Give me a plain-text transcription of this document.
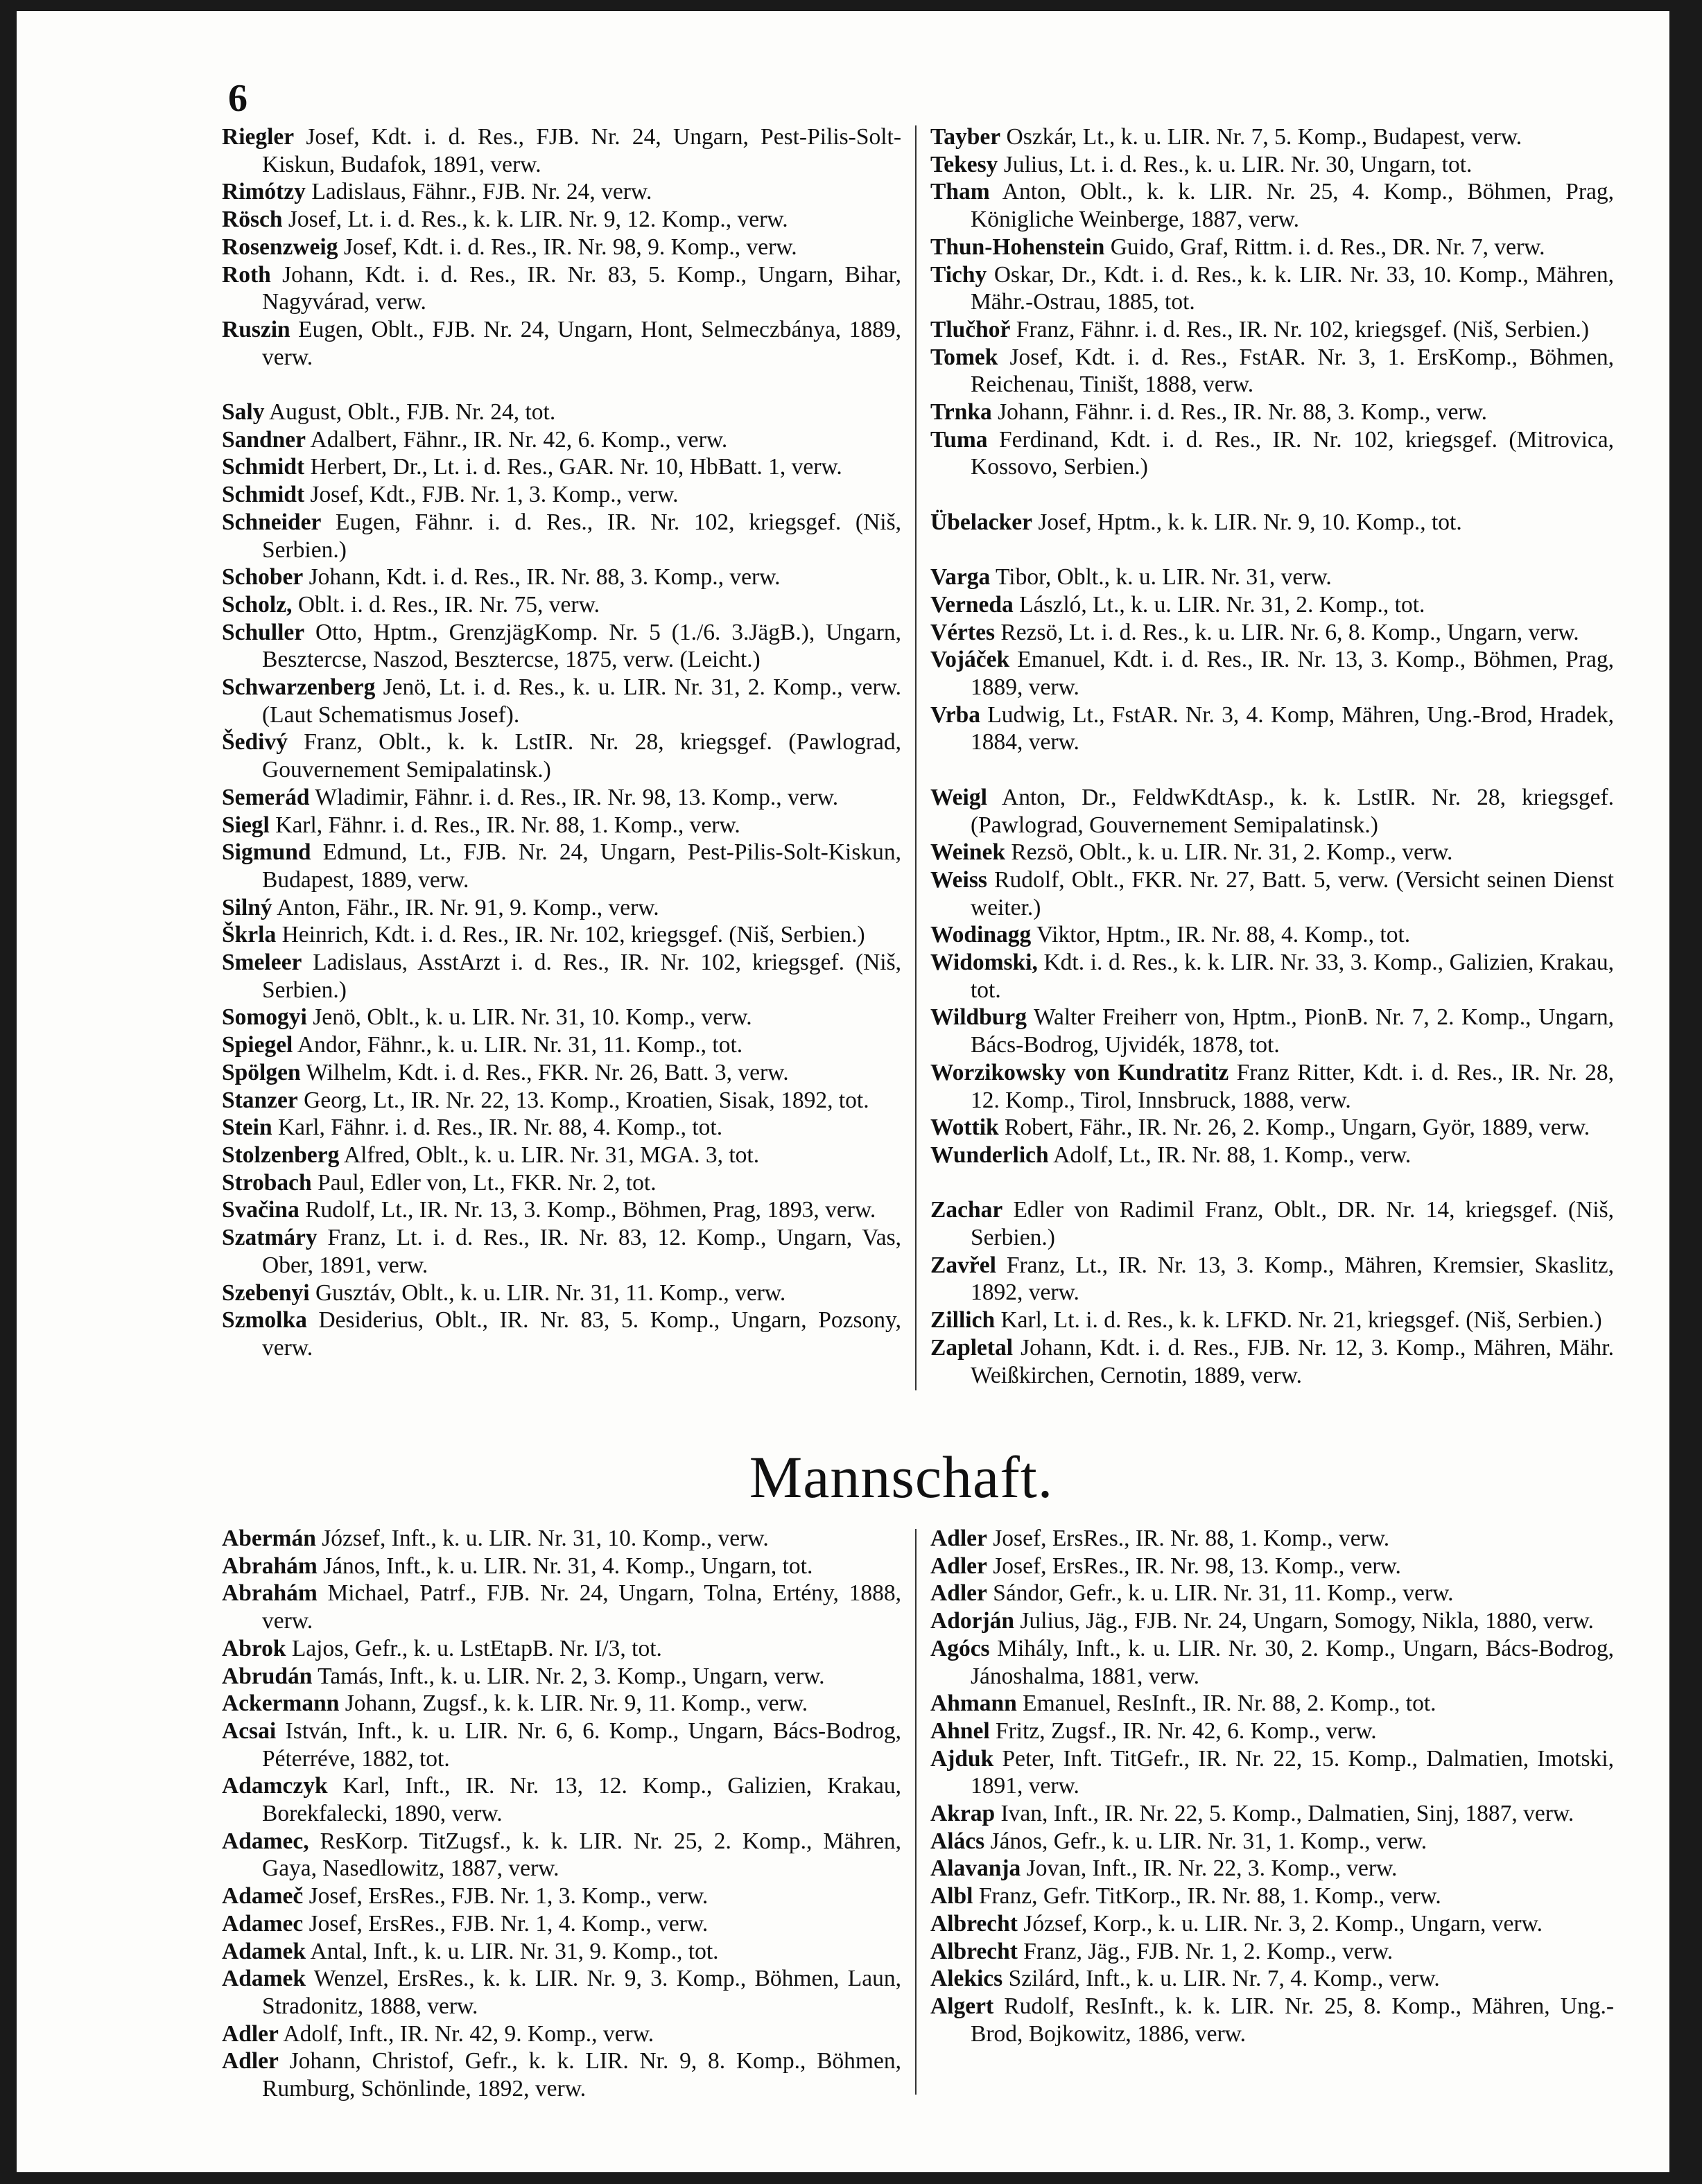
6
Riegler Josef, Kdt. i. d. Res., FJB. Nr. 24, Ungarn, Pest-Pilis-Solt-Kiskun, Budafok, 1891, verw.
Rimótzy Ladislaus, Fähnr., FJB. Nr. 24, verw.
Rösch Josef, Lt. i. d. Res., k. k. LIR. Nr. 9, 12. Komp., verw.
Rosenzweig Josef, Kdt. i. d. Res., IR. Nr. 98, 9. Komp., verw.
Roth Johann, Kdt. i. d. Res., IR. Nr. 83, 5. Komp., Ungarn, Bihar, Nagyvárad, verw.
Ruszin Eugen, Oblt., FJB. Nr. 24, Ungarn, Hont, Selmeczbánya, 1889, verw.
Saly August, Oblt., FJB. Nr. 24, tot.
Sandner Adalbert, Fähnr., IR. Nr. 42, 6. Komp., verw.
Schmidt Herbert, Dr., Lt. i. d. Res., GAR. Nr. 10, HbBatt. 1, verw.
Schmidt Josef, Kdt., FJB. Nr. 1, 3. Komp., verw.
Schneider Eugen, Fähnr. i. d. Res., IR. Nr. 102, kriegsgef. (Niš, Serbien.)
Schober Johann, Kdt. i. d. Res., IR. Nr. 88, 3. Komp., verw.
Scholz, Oblt. i. d. Res., IR. Nr. 75, verw.
Schuller Otto, Hptm., GrenzjägKomp. Nr. 5 (1./6. 3.JägB.), Ungarn, Besztercse, Naszod, Besztercse, 1875, verw. (Leicht.)
Schwarzenberg Jenö, Lt. i. d. Res., k. u. LIR. Nr. 31, 2. Komp., verw. (Laut Schematismus Josef).
Šedivý Franz, Oblt., k. k. LstIR. Nr. 28, kriegsgef. (Pawlograd, Gouvernement Semipalatinsk.)
Semerád Wladimir, Fähnr. i. d. Res., IR. Nr. 98, 13. Komp., verw.
Siegl Karl, Fähnr. i. d. Res., IR. Nr. 88, 1. Komp., verw.
Sigmund Edmund, Lt., FJB. Nr. 24, Ungarn, Pest-Pilis-Solt-Kiskun, Budapest, 1889, verw.
Silný Anton, Fähr., IR. Nr. 91, 9. Komp., verw.
Škrla Heinrich, Kdt. i. d. Res., IR. Nr. 102, kriegsgef. (Niš, Serbien.)
Smeleer Ladislaus, AsstArzt i. d. Res., IR. Nr. 102, kriegsgef. (Niš, Serbien.)
Somogyi Jenö, Oblt., k. u. LIR. Nr. 31, 10. Komp., verw.
Spiegel Andor, Fähnr., k. u. LIR. Nr. 31, 11. Komp., tot.
Spölgen Wilhelm, Kdt. i. d. Res., FKR. Nr. 26, Batt. 3, verw.
Stanzer Georg, Lt., IR. Nr. 22, 13. Komp., Kroatien, Sisak, 1892, tot.
Stein Karl, Fähnr. i. d. Res., IR. Nr. 88, 4. Komp., tot.
Stolzenberg Alfred, Oblt., k. u. LIR. Nr. 31, MGA. 3, tot.
Strobach Paul, Edler von, Lt., FKR. Nr. 2, tot.
Svačina Rudolf, Lt., IR. Nr. 13, 3. Komp., Böhmen, Prag, 1893, verw.
Szatmáry Franz, Lt. i. d. Res., IR. Nr. 83, 12. Komp., Ungarn, Vas, Ober, 1891, verw.
Szebenyi Gusztáv, Oblt., k. u. LIR. Nr. 31, 11. Komp., verw.
Szmolka Desiderius, Oblt., IR. Nr. 83, 5. Komp., Ungarn, Pozsony, verw.
Tayber Oszkár, Lt., k. u. LIR. Nr. 7, 5. Komp., Budapest, verw.
Tekesy Julius, Lt. i. d. Res., k. u. LIR. Nr. 30, Ungarn, tot.
Tham Anton, Oblt., k. k. LIR. Nr. 25, 4. Komp., Böhmen, Prag, Königliche Weinberge, 1887, verw.
Thun-Hohenstein Guido, Graf, Rittm. i. d. Res., DR. Nr. 7, verw.
Tichy Oskar, Dr., Kdt. i. d. Res., k. k. LIR. Nr. 33, 10. Komp., Mähren, Mähr.-Ostrau, 1885, tot.
Tlučhoř Franz, Fähnr. i. d. Res., IR. Nr. 102, kriegsgef. (Niš, Serbien.)
Tomek Josef, Kdt. i. d. Res., FstAR. Nr. 3, 1. ErsKomp., Böhmen, Reichenau, Tiništ, 1888, verw.
Trnka Johann, Fähnr. i. d. Res., IR. Nr. 88, 3. Komp., verw.
Tuma Ferdinand, Kdt. i. d. Res., IR. Nr. 102, kriegsgef. (Mitrovica, Kossovo, Serbien.)
Übelacker Josef, Hptm., k. k. LIR. Nr. 9, 10. Komp., tot.
Varga Tibor, Oblt., k. u. LIR. Nr. 31, verw.
Verneda László, Lt., k. u. LIR. Nr. 31, 2. Komp., tot.
Vértes Rezsö, Lt. i. d. Res., k. u. LIR. Nr. 6, 8. Komp., Ungarn, verw.
Vojáček Emanuel, Kdt. i. d. Res., IR. Nr. 13, 3. Komp., Böhmen, Prag, 1889, verw.
Vrba Ludwig, Lt., FstAR. Nr. 3, 4. Komp, Mähren, Ung.-Brod, Hradek, 1884, verw.
Weigl Anton, Dr., FeldwKdtAsp., k. k. LstIR. Nr. 28, kriegsgef. (Pawlograd, Gouvernement Semipalatinsk.)
Weinek Rezsö, Oblt., k. u. LIR. Nr. 31, 2. Komp., verw.
Weiss Rudolf, Oblt., FKR. Nr. 27, Batt. 5, verw. (Versicht seinen Dienst weiter.)
Wodinagg Viktor, Hptm., IR. Nr. 88, 4. Komp., tot.
Widomski, Kdt. i. d. Res., k. k. LIR. Nr. 33, 3. Komp., Galizien, Krakau, tot.
Wildburg Walter Freiherr von, Hptm., PionB. Nr. 7, 2. Komp., Ungarn, Bács-Bodrog, Ujvidék, 1878, tot.
Worzikowsky von Kundratitz Franz Ritter, Kdt. i. d. Res., IR. Nr. 28, 12. Komp., Tirol, Innsbruck, 1888, verw.
Wottik Robert, Fähr., IR. Nr. 26, 2. Komp., Ungarn, Györ, 1889, verw.
Wunderlich Adolf, Lt., IR. Nr. 88, 1. Komp., verw.
Zachar Edler von Radimil Franz, Oblt., DR. Nr. 14, kriegsgef. (Niš, Serbien.)
Zavřel Franz, Lt., IR. Nr. 13, 3. Komp., Mähren, Kremsier, Skaslitz, 1892, verw.
Zillich Karl, Lt. i. d. Res., k. k. LFKD. Nr. 21, kriegsgef. (Niš, Serbien.)
Zapletal Johann, Kdt. i. d. Res., FJB. Nr. 12, 3. Komp., Mähren, Mähr. Weißkirchen, Cernotin, 1889, verw.
Mannschaft.
Abermán József, Inft., k. u. LIR. Nr. 31, 10. Komp., verw.
Abrahám János, Inft., k. u. LIR. Nr. 31, 4. Komp., Ungarn, tot.
Abrahám Michael, Patrf., FJB. Nr. 24, Ungarn, Tolna, Ertény, 1888, verw.
Abrok Lajos, Gefr., k. u. LstEtapB. Nr. I/3, tot.
Abrudán Tamás, Inft., k. u. LIR. Nr. 2, 3. Komp., Ungarn, verw.
Ackermann Johann, Zugsf., k. k. LIR. Nr. 9, 11. Komp., verw.
Acsai István, Inft., k. u. LIR. Nr. 6, 6. Komp., Ungarn, Bács-Bodrog, Péterréve, 1882, tot.
Adamczyk Karl, Inft., IR. Nr. 13, 12. Komp., Galizien, Krakau, Borekfalecki, 1890, verw.
Adamec, ResKorp. TitZugsf., k. k. LIR. Nr. 25, 2. Komp., Mähren, Gaya, Nasedlowitz, 1887, verw.
Adameč Josef, ErsRes., FJB. Nr. 1, 3. Komp., verw.
Adamec Josef, ErsRes., FJB. Nr. 1, 4. Komp., verw.
Adamek Antal, Inft., k. u. LIR. Nr. 31, 9. Komp., tot.
Adamek Wenzel, ErsRes., k. k. LIR. Nr. 9, 3. Komp., Böhmen, Laun, Stradonitz, 1888, verw.
Adler Adolf, Inft., IR. Nr. 42, 9. Komp., verw.
Adler Johann, Christof, Gefr., k. k. LIR. Nr. 9, 8. Komp., Böhmen, Rumburg, Schönlinde, 1892, verw.
Adler Josef, ErsRes., IR. Nr. 88, 1. Komp., verw.
Adler Josef, ErsRes., IR. Nr. 98, 13. Komp., verw.
Adler Sándor, Gefr., k. u. LIR. Nr. 31, 11. Komp., verw.
Adorján Julius, Jäg., FJB. Nr. 24, Ungarn, Somogy, Nikla, 1880, verw.
Agócs Mihály, Inft., k. u. LIR. Nr. 30, 2. Komp., Ungarn, Bács-Bodrog, Jánoshalma, 1881, verw.
Ahmann Emanuel, ResInft., IR. Nr. 88, 2. Komp., tot.
Ahnel Fritz, Zugsf., IR. Nr. 42, 6. Komp., verw.
Ajduk Peter, Inft. TitGefr., IR. Nr. 22, 15. Komp., Dalmatien, Imotski, 1891, verw.
Akrap Ivan, Inft., IR. Nr. 22, 5. Komp., Dalmatien, Sinj, 1887, verw.
Alács János, Gefr., k. u. LIR. Nr. 31, 1. Komp., verw.
Alavanja Jovan, Inft., IR. Nr. 22, 3. Komp., verw.
Albl Franz, Gefr. TitKorp., IR. Nr. 88, 1. Komp., verw.
Albrecht József, Korp., k. u. LIR. Nr. 3, 2. Komp., Ungarn, verw.
Albrecht Franz, Jäg., FJB. Nr. 1, 2. Komp., verw.
Alekics Szilárd, Inft., k. u. LIR. Nr. 7, 4. Komp., verw.
Algert Rudolf, ResInft., k. k. LIR. Nr. 25, 8. Komp., Mähren, Ung.-Brod, Bojkowitz, 1886, verw.
